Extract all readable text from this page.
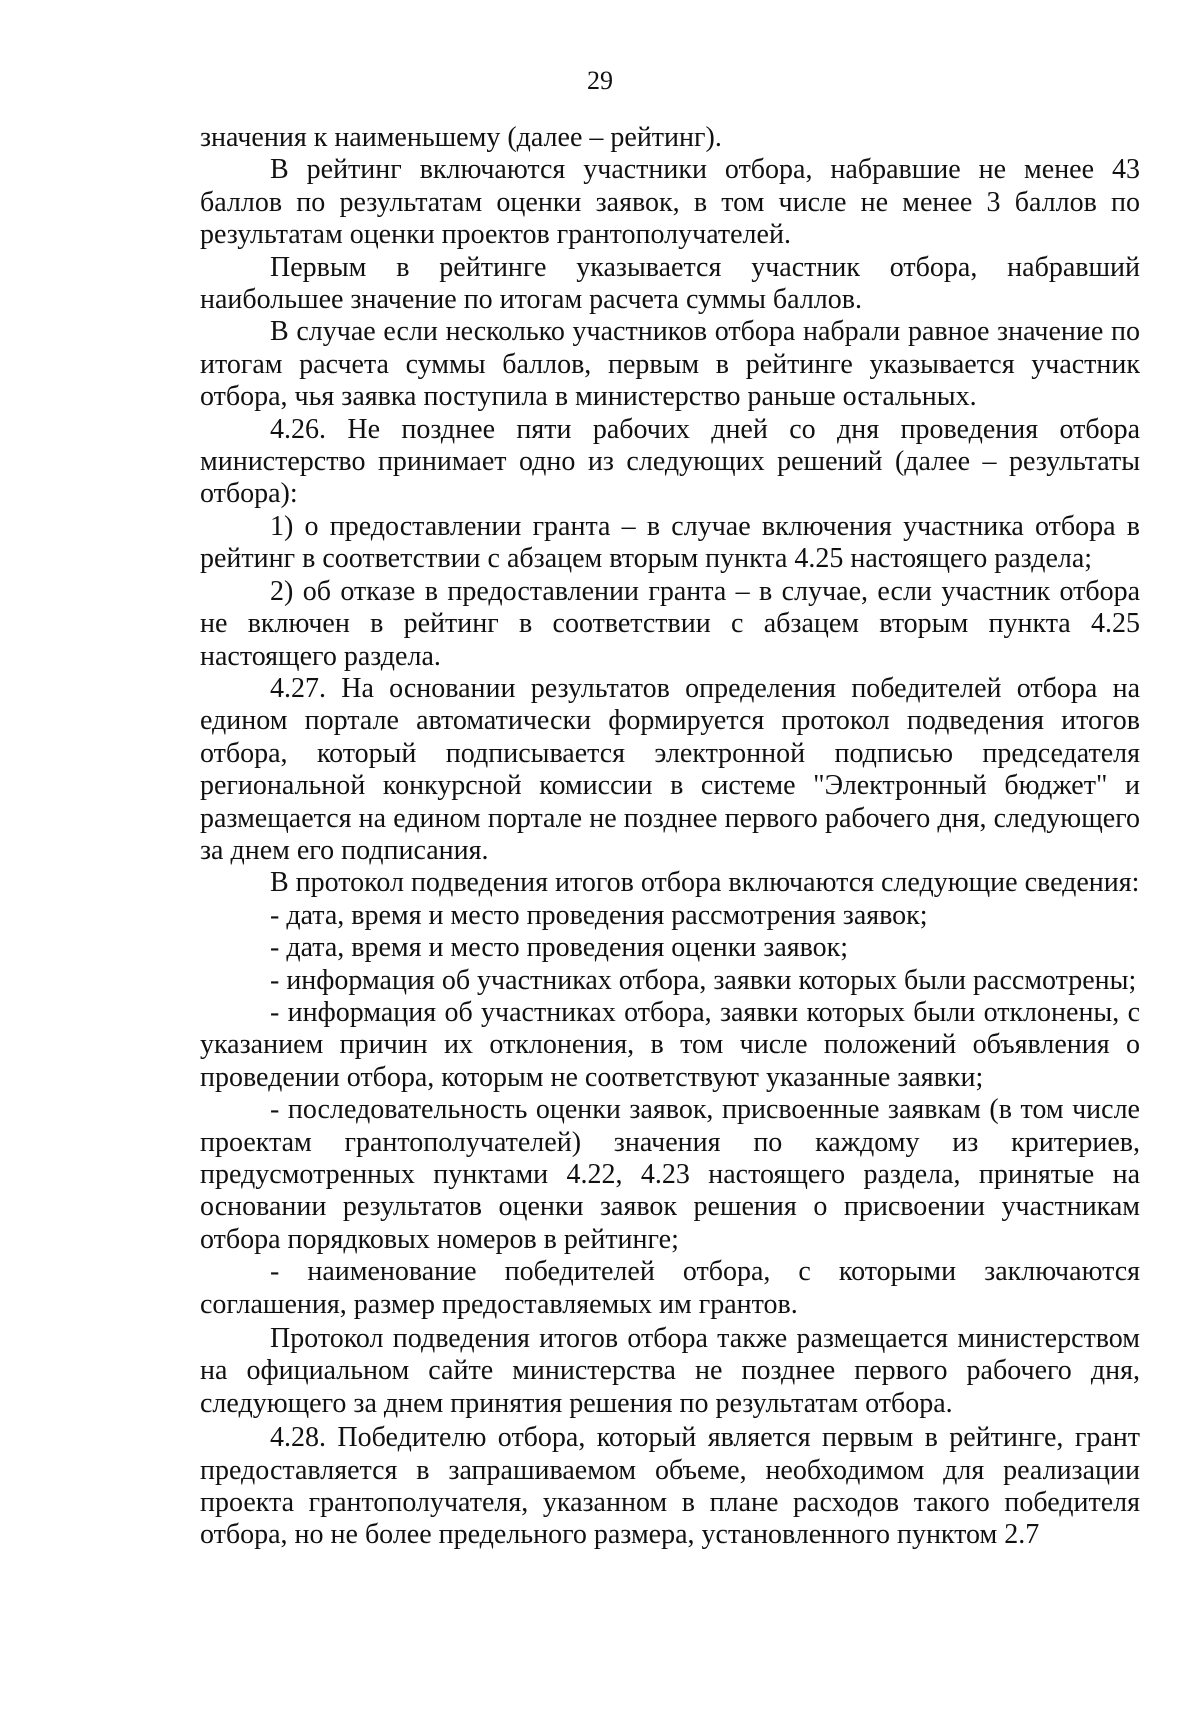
29

значения к наименьшему (далее – рейтинг).

В рейтинг включаются участники отбора, набравшие не менее 43 баллов по результатам оценки заявок, в том числе не менее 3 баллов по результатам оценки проектов грантополучателей.

Первым в рейтинге указывается участник отбора, набравший наибольшее значение по итогам расчета суммы баллов.

В случае если несколько участников отбора набрали равное значение по итогам расчета суммы баллов, первым в рейтинге указывается участник отбора, чья заявка поступила в министерство раньше остальных.

4.26. Не позднее пяти рабочих дней со дня проведения отбора министерство принимает одно из следующих решений (далее – результаты отбора):

1) о предоставлении гранта – в случае включения участника отбора в рейтинг в соответствии с абзацем вторым пункта 4.25 настоящего раздела;

2) об отказе в предоставлении гранта – в случае, если участник отбора не включен в рейтинг в соответствии с абзацем вторым пункта 4.25 настоящего раздела.

4.27. На основании результатов определения победителей отбора на едином портале автоматически формируется протокол подведения итогов отбора, который подписывается электронной подписью председателя региональной конкурсной комиссии в системе "Электронный бюджет" и размещается на едином портале не позднее первого рабочего дня, следующего за днем его подписания.

В протокол подведения итогов отбора включаются следующие сведения:

- дата, время и место проведения рассмотрения заявок;

- дата, время и место проведения оценки заявок;

- информация об участниках отбора, заявки которых были рассмотрены;

- информация об участниках отбора, заявки которых были отклонены, с указанием причин их отклонения, в том числе положений объявления о проведении отбора, которым не соответствуют указанные заявки;

- последовательность оценки заявок, присвоенные заявкам (в том числе проектам грантополучателей) значения по каждому из критериев, предусмотренных пунктами 4.22, 4.23 настоящего раздела, принятые на основании результатов оценки заявок решения о присвоении участникам отбора порядковых номеров в рейтинге;

- наименование победителей отбора, с которыми заключаются соглашения, размер предоставляемых им грантов.

Протокол подведения итогов отбора также размещается министерством на официальном сайте министерства не позднее первого рабочего дня, следующего за днем принятия решения по результатам отбора.

4.28. Победителю отбора, который является первым в рейтинге, грант предоставляется в запрашиваемом объеме, необходимом для реализации проекта грантополучателя, указанном в плане расходов такого победителя отбора, но не более предельного размера, установленного пунктом 2.7
